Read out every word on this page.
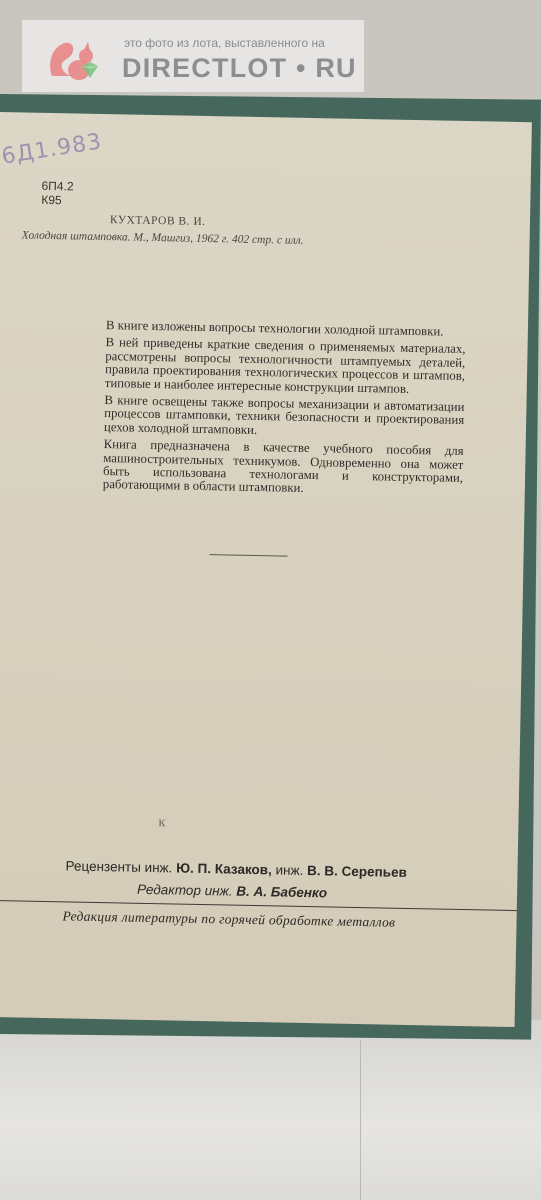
6Д1.983
6П4.2
К95
КУХТАРОВ В. И.
Холодная штамповка. М., Машгиз, 1962 г. 402 стр. с илл.

В книге изложены вопросы технологии холодной штамповки.

В ней приведены краткие сведения о применяемых материалах, рассмотрены вопросы технологичности штампуемых деталей, правила проектирования технологических процессов и штампов, типовые и наиболее интересные конструкции штампов.

В книге освещены также вопросы механизации и автоматизации процессов штамповки, техники безопасности и проектирования цехов холодной штамповки.

Книга предназначена в качестве учебного пособия для машиностроительных техникумов. Одновременно она может быть использована технологами и конструкторами, работающими в области штамповки.

к
Рецензенты инж. Ю. П. Казаков, инж. В. В. Серепьев
Редактор инж. В. А. Бабенко
Редакция литературы по горячей обработке металлов
это фото из лота, выставленного на
DIRECTLOT • RU
